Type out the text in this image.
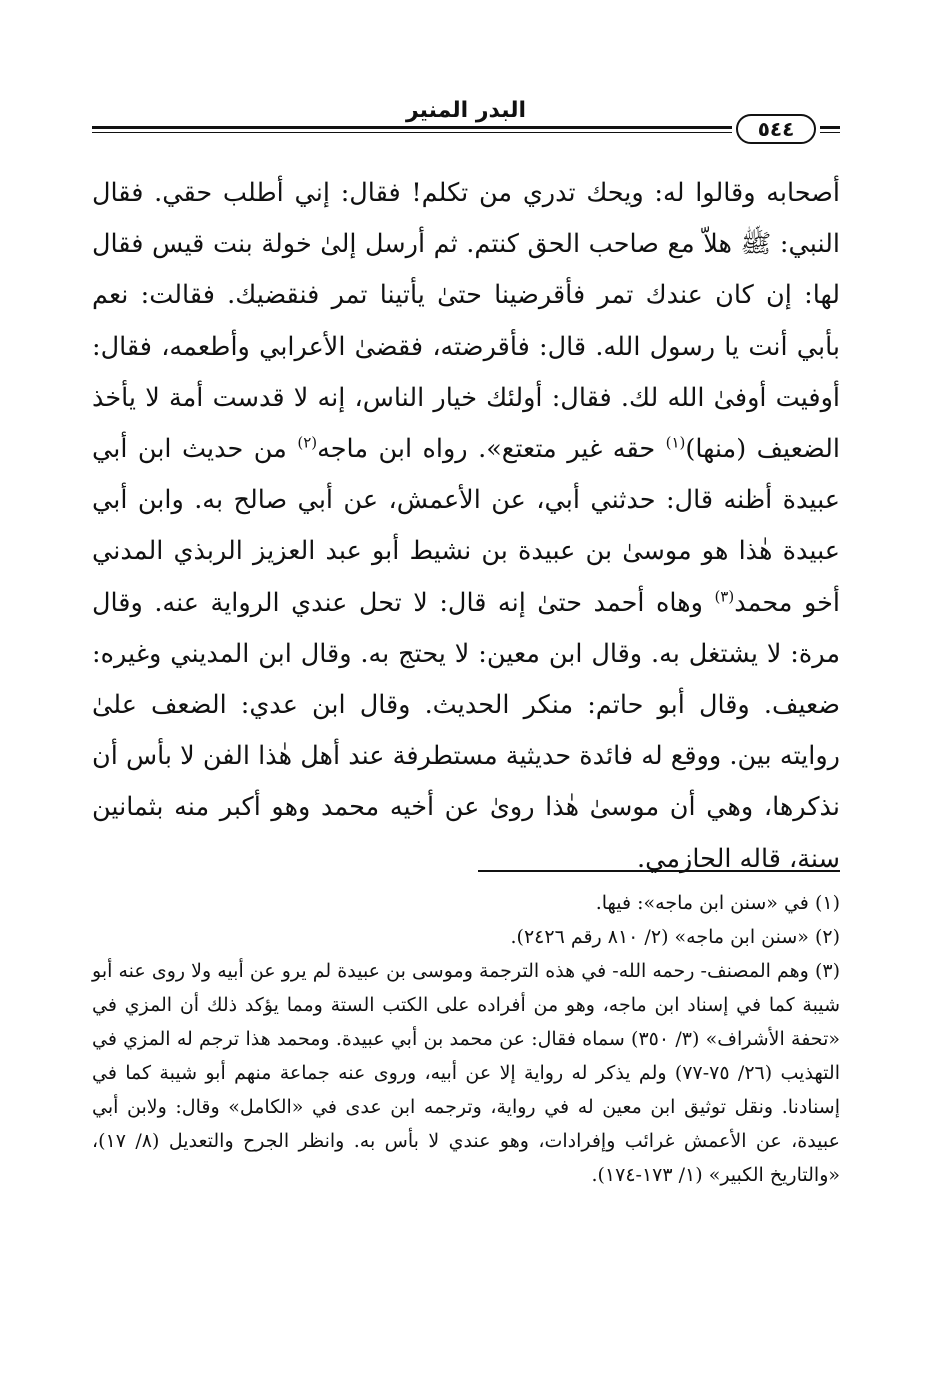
البدر المنير
٥٤٤

أصحابه وقالوا له: ويحك تدري من تكلم! فقال: إني أطلب حقي. فقال النبي: ﷺ هلاّ مع صاحب الحق كنتم. ثم أرسل إلىٰ خولة بنت قيس فقال لها: إن كان عندك تمر فأقرضينا حتىٰ يأتينا تمر فنقضيك. فقالت: نعم بأبي أنت يا رسول الله. قال: فأقرضته، فقضىٰ الأعرابي وأطعمه، فقال: أوفيت أوفىٰ الله لك. فقال: أولئك خيار الناس، إنه لا قدست أمة لا يأخذ الضعيف (منها)$^{(١)}$ حقه غير متعتع». رواه ابن ماجه$^{(٢)}$ من حديث ابن أبي عبيدة أظنه قال: حدثني أبي، عن الأعمش، عن أبي صالح به. وابن أبي عبيدة هٰذا هو موسىٰ بن عبيدة بن نشيط أبو عبد العزيز الربذي المدني أخو محمد$^{(٣)}$ وهاه أحمد حتىٰ إنه قال: لا تحل عندي الرواية عنه. وقال مرة: لا يشتغل به. وقال ابن معين: لا يحتج به. وقال ابن المديني وغيره: ضعيف. وقال أبو حاتم: منكر الحديث. وقال ابن عدي: الضعف علىٰ روايته بين. ووقع له فائدة حديثية مستطرفة عند أهل هٰذا الفن لا بأس أن نذكرها، وهي أن موسىٰ هٰذا روىٰ عن أخيه محمد وهو أكبر منه بثمانين سنة، قاله الحازمي.

(١) في «سنن ابن ماجه»: فيها.

(٢) «سنن ابن ماجه» (٢/ ٨١٠ رقم ٢٤٢٦).

(٣) وهم المصنف- رحمه الله- في هذه الترجمة وموسى بن عبيدة لم يرو عن أبيه ولا روى عنه أبو شيبة كما في إسناد ابن ماجه، وهو من أفراده على الكتب الستة ومما يؤكد ذلك أن المزي في «تحفة الأشراف» (٣/ ٣٥٠) سماه فقال: عن محمد بن أبي عبيدة. ومحمد هذا ترجم له المزي في التهذيب (٢٦/ ٧٥-٧٧) ولم يذكر له رواية إلا عن أبيه، وروى عنه جماعة منهم أبو شيبة كما في إسنادنا. ونقل توثيق ابن معين له في رواية، وترجمه ابن عدى في «الكامل» وقال: ولابن أبي عبيدة، عن الأعمش غرائب وإفرادات، وهو عندي لا بأس به. وانظر الجرح والتعديل (٨/ ١٧)، «والتاريخ الكبير» (١/ ١٧٣-١٧٤).
